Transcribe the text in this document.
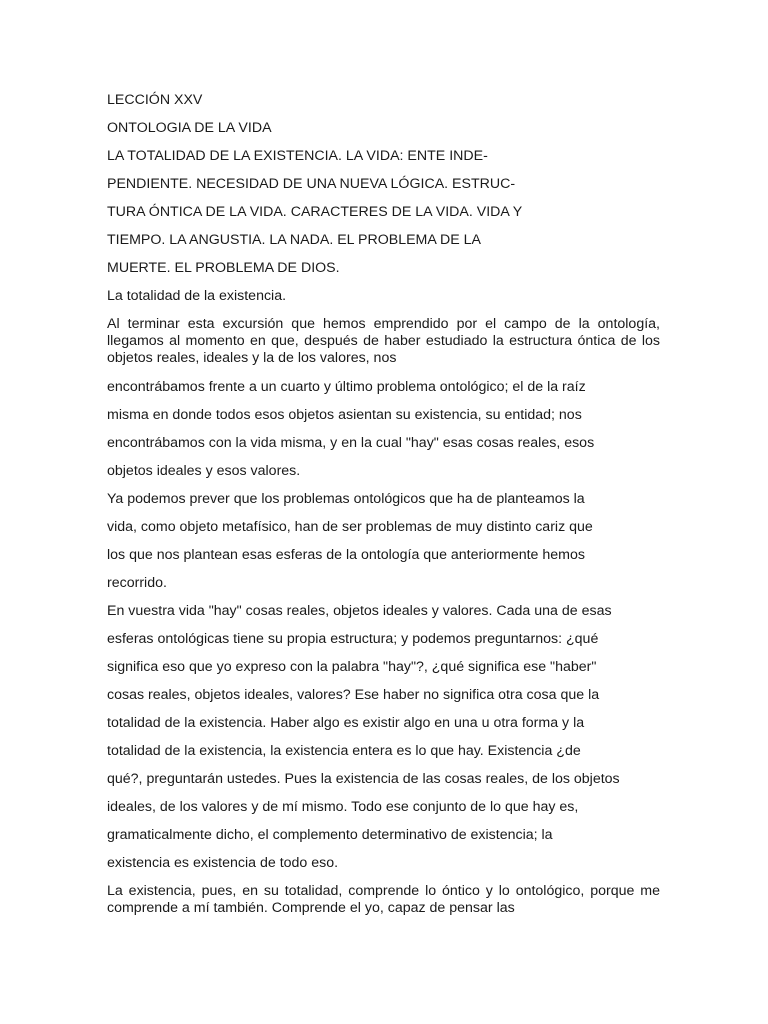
LECCIÓN XXV

ONTOLOGIA DE LA VIDA

LA TOTALIDAD DE LA EXISTENCIA. LA VIDA: ENTE INDE-

PENDIENTE. NECESIDAD DE UNA NUEVA LÓGICA. ESTRUC-

TURA ÓNTICA DE LA VIDA. CARACTERES DE LA VIDA. VIDA Y

TIEMPO. LA ANGUSTIA. LA NADA. EL PROBLEMA DE LA

MUERTE. EL PROBLEMA DE DIOS.

La totalidad de la existencia.

Al terminar esta excursión que hemos emprendido por el campo de la ontología, llegamos al momento en que, después de haber estudiado la estructura óntica de los objetos reales, ideales y la de los valores, nos

encontrábamos frente a un cuarto y último problema ontológico; el de la raíz

misma en donde todos esos objetos asientan su existencia, su entidad; nos

encontrábamos con la vida misma, y en la cual "hay" esas cosas reales, esos

objetos ideales y esos valores.

Ya podemos prever que los problemas ontológicos que ha de planteamos la

vida, como objeto metafísico, han de ser problemas de muy distinto cariz que

los que nos plantean esas esferas de la ontología que anteriormente hemos

recorrido.

En vuestra vida "hay" cosas reales, objetos ideales y valores. Cada una de esas

esferas ontológicas tiene su propia estructura; y podemos preguntarnos: ¿qué

significa eso que yo expreso con la palabra "hay"?, ¿qué significa ese "haber"

cosas reales, objetos ideales, valores? Ese haber no significa otra cosa que la

totalidad de la existencia. Haber algo es existir algo en una u otra forma y la

totalidad de la existencia, la existencia entera es lo que hay. Existencia ¿de

qué?, preguntarán ustedes. Pues la existencia de las cosas reales, de los objetos

ideales, de los valores y de mí mismo. Todo ese conjunto de lo que hay es,

gramaticalmente dicho, el complemento determinativo de existencia; la

existencia es existencia de todo eso.

La existencia, pues, en su totalidad, comprende lo óntico y lo ontológico, porque me comprende a mí también. Comprende el yo, capaz de pensar las
